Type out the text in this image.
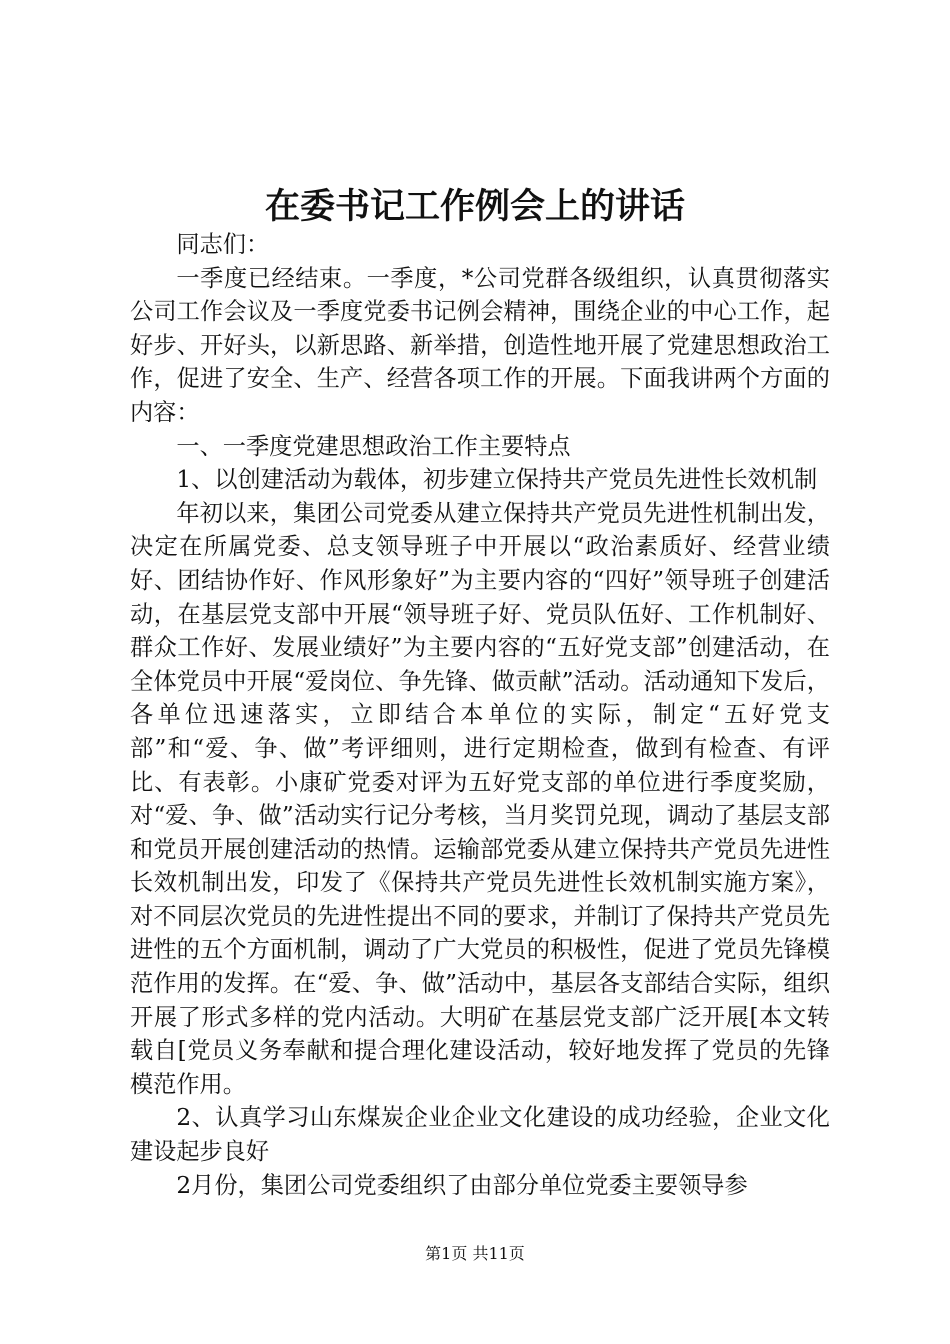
在委书记工作例会上的讲话

同志们：

一季度已经结束。一季度，*公司党群各级组织，认真贯彻落实公司工作会议及一季度党委书记例会精神，围绕企业的中心工作，起好步、开好头，以新思路、新举措，创造性地开展了党建思想政治工作，促进了安全、生产、经营各项工作的开展。下面我讲两个方面的内容：

一、一季度党建思想政治工作主要特点

1、以创建活动为载体，初步建立保持共产党员先进性长效机制

年初以来，集团公司党委从建立保持共产党员先进性机制出发，决定在所属党委、总支领导班子中开展以“政治素质好、经营业绩好、团结协作好、作风形象好”为主要内容的“四好”领导班子创建活动，在基层党支部中开展“领导班子好、党员队伍好、工作机制好、群众工作好、发展业绩好”为主要内容的“五好党支部”创建活动，在全体党员中开展“爱岗位、争先锋、做贡献”活动。活动通知下发后，各单位迅速落实，立即结合本单位的实际，制定“五好党支部”和“爱、争、做”考评细则，进行定期检查，做到有检查、有评比、有表彰。小康矿党委对评为五好党支部的单位进行季度奖励，对“爱、争、做”活动实行记分考核，当月奖罚兑现，调动了基层支部和党员开展创建活动的热情。运输部党委从建立保持共产党员先进性长效机制出发，印发了《保持共产党员先进性长效机制实施方案》，对不同层次党员的先进性提出不同的要求，并制订了保持共产党员先进性的五个方面机制，调动了广大党员的积极性，促进了党员先锋模范作用的发挥。在“爱、争、做”活动中，基层各支部结合实际，组织开展了形式多样的党内活动。大明矿在基层党支部广泛开展[本文转载自[党员义务奉献和提合理化建设活动，较好地发挥了党员的先锋模范作用。

2、认真学习山东煤炭企业企业文化建设的成功经验，企业文化建设起步良好

2月份，集团公司党委组织了由部分单位党委主要领导参

第1页 共11页
